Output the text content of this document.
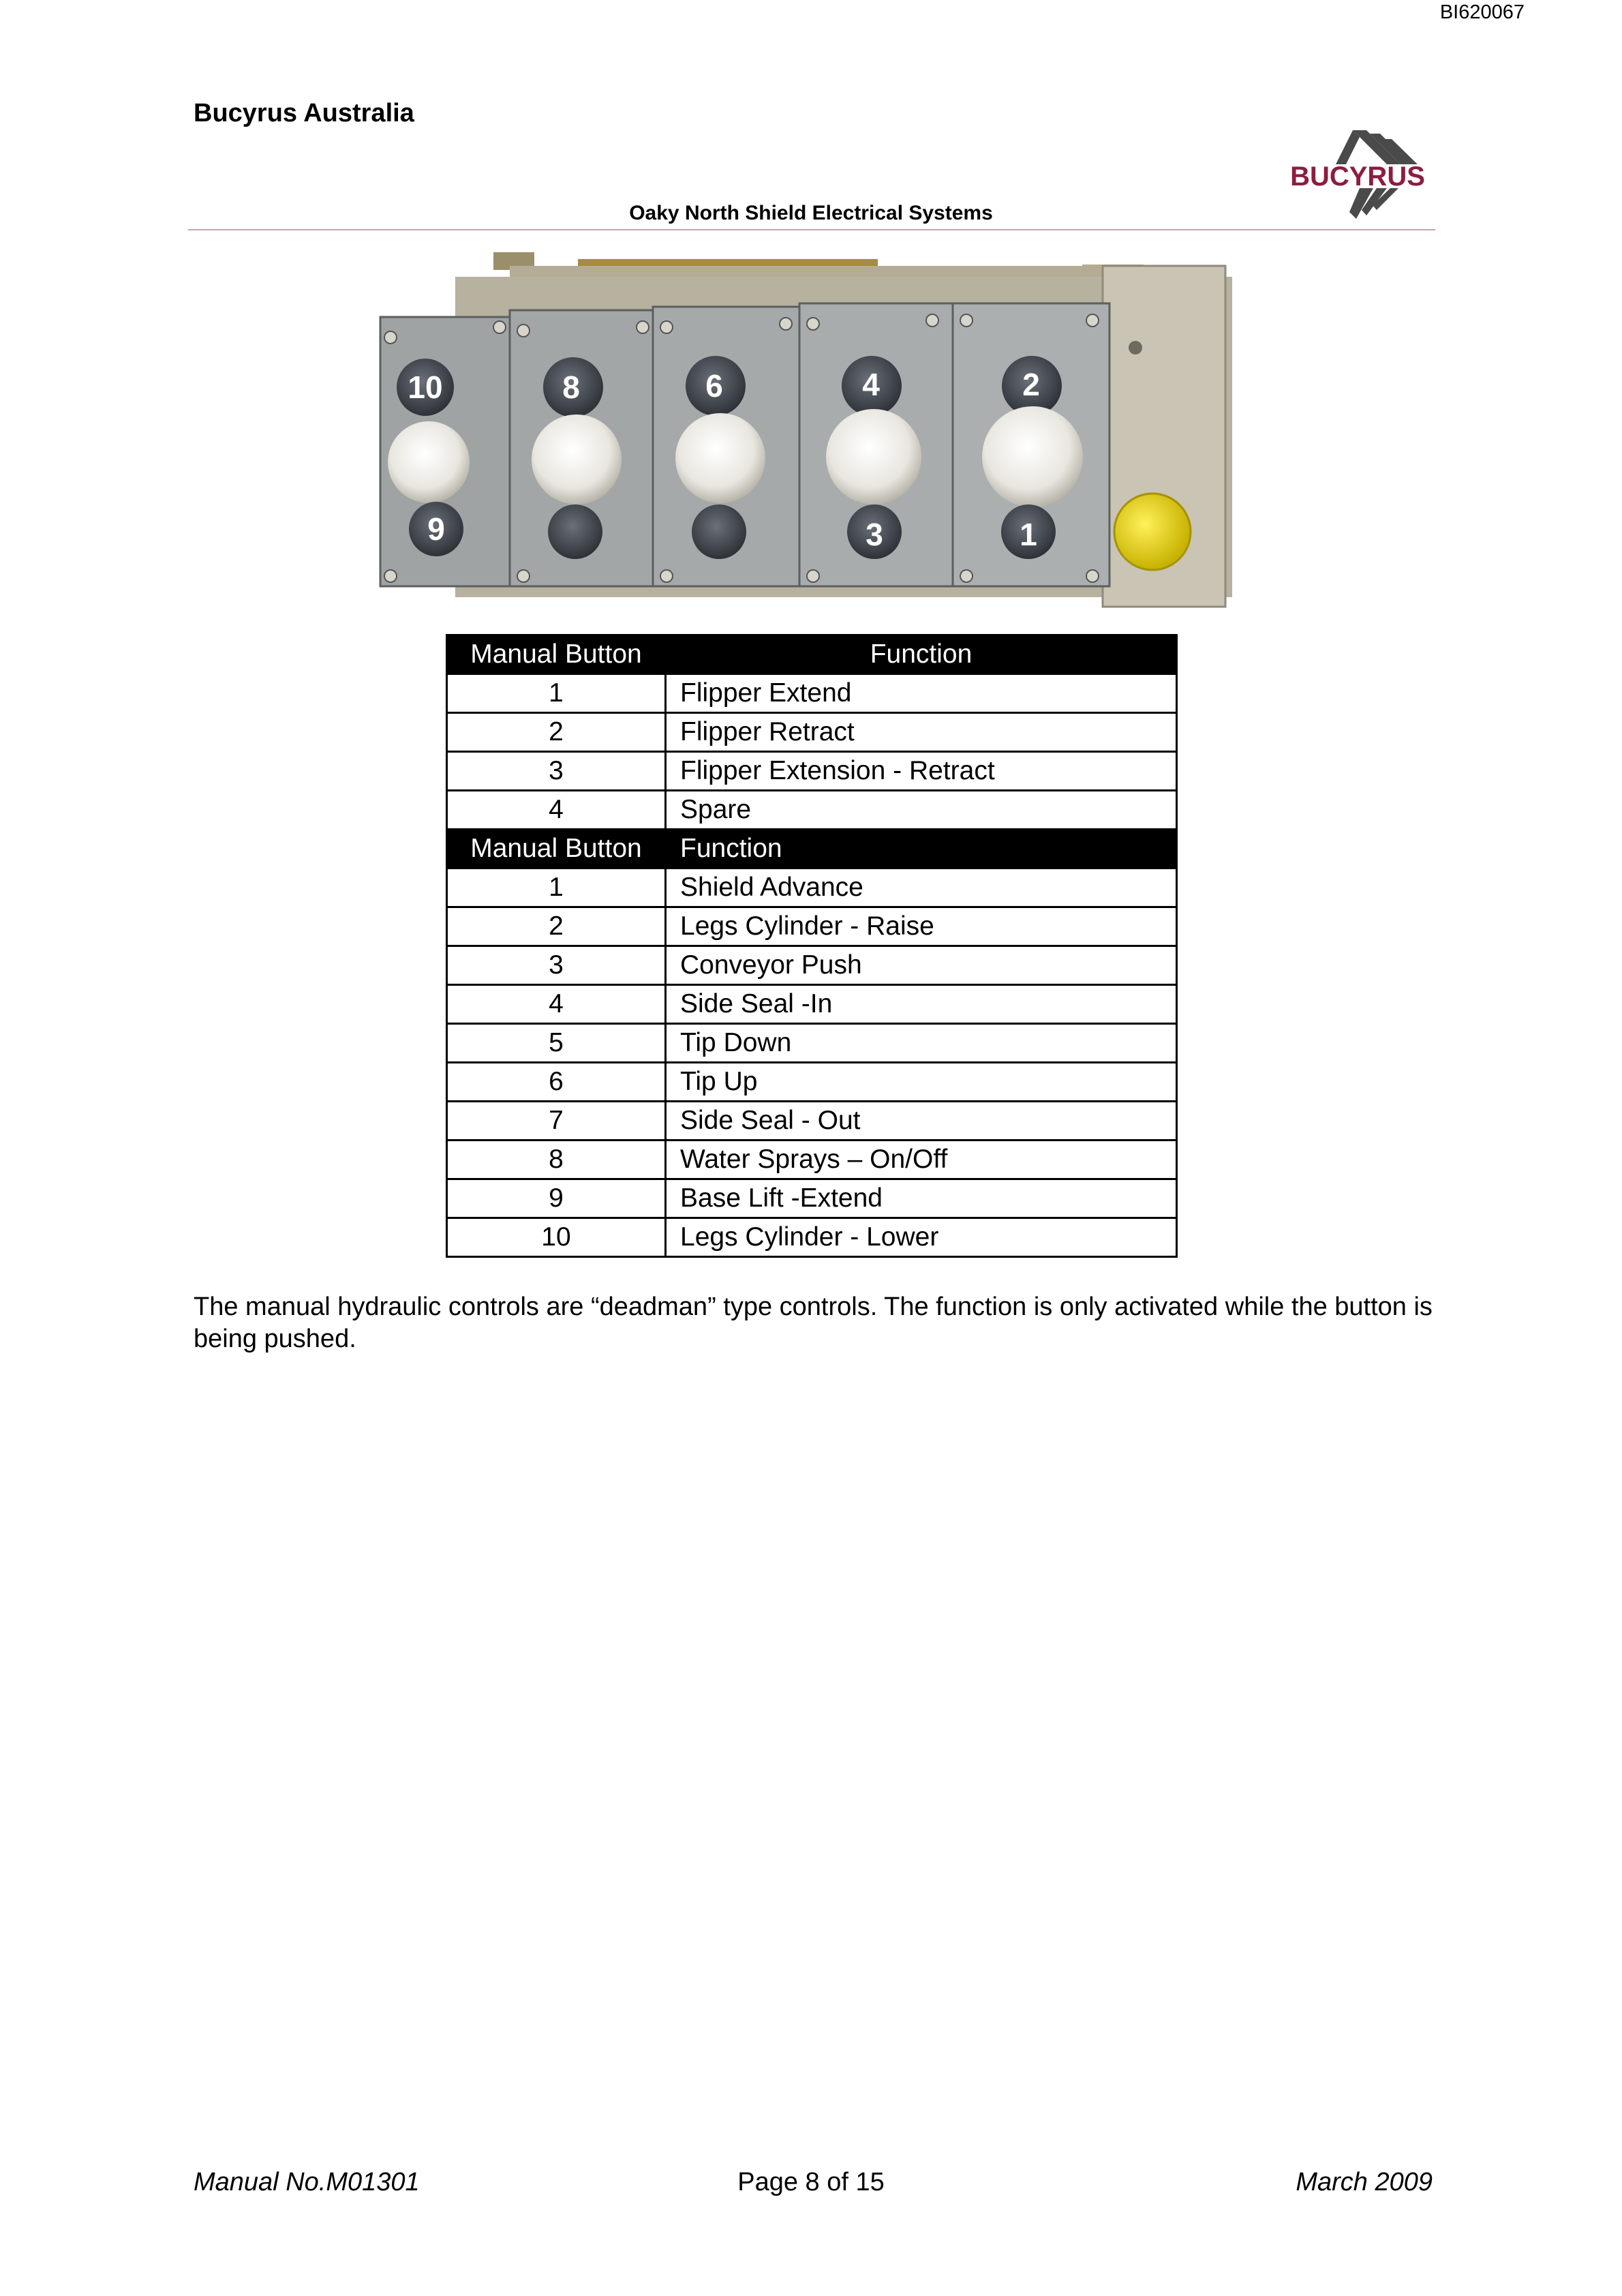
BI620067
Bucyrus Australia
Oaky North Shield Electrical Systems
BUCYRUS
10	8	6	4	2
9	3	1
Manual Button	Function
1	Flipper Extend
2	Flipper Retract
3	Flipper Extension - Retract
4	Spare
Manual Button	Function
1	Shield Advance
2	Legs Cylinder - Raise
3	Conveyor Push
4	Side Seal -In
5	Tip Down
6	Tip Up
7	Side Seal - Out
8	Water Sprays – On/Off
9	Base Lift -Extend
10	Legs Cylinder - Lower
The manual hydraulic controls are “deadman” type controls. The function is only activated while the button is being pushed.
Manual No.M01301	Page 8 of 15	March 2009
